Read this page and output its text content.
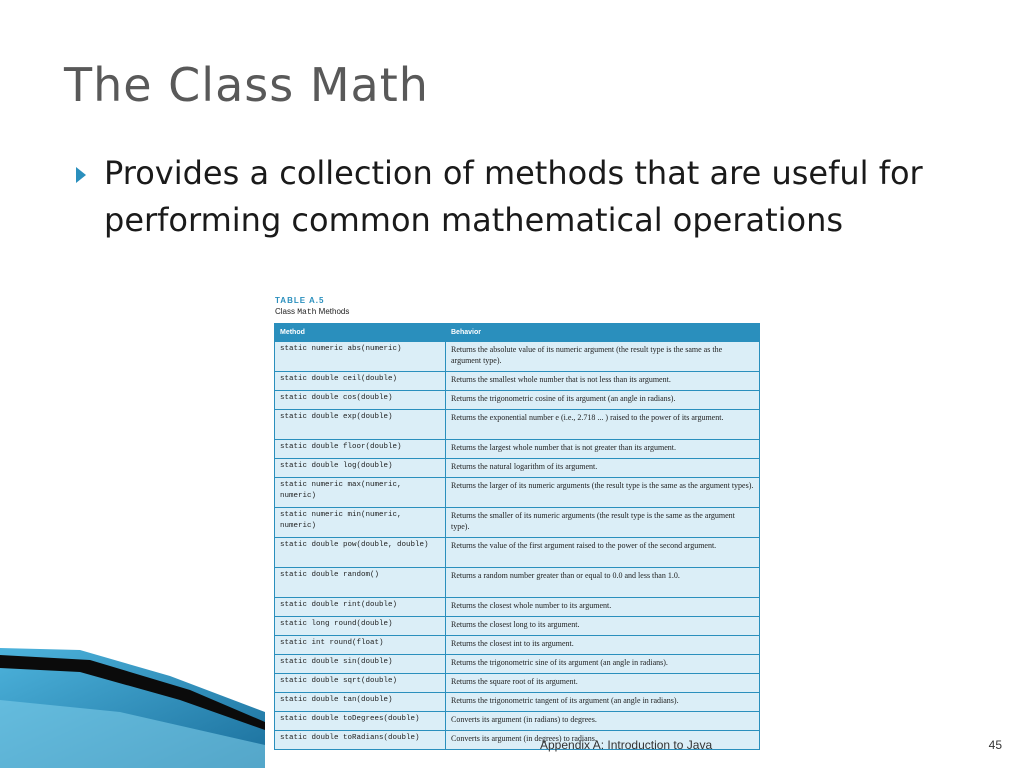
The Class Math

Provides a collection of methods that are useful for performing common mathematical operations

TABLE A.5
Class Math Methods
Method	Behavior
static numeric abs(numeric)	Returns the absolute value of its numeric argument (the result type is the same as the argument type).
static double ceil(double)	Returns the smallest whole number that is not less than its argument.
static double cos(double)	Returns the trigonometric cosine of its argument (an angle in radians).
static double exp(double)	Returns the exponential number e (i.e., 2.718 ... ) raised to the power of its argument.
static double floor(double)	Returns the largest whole number that is not greater than its argument.
static double log(double)	Returns the natural logarithm of its argument.
static numeric max(numeric, numeric)	Returns the larger of its numeric arguments (the result type is the same as the argument types).
static numeric min(numeric, numeric)	Returns the smaller of its numeric arguments (the result type is the same as the argument type).
static double pow(double, double)	Returns the value of the first argument raised to the power of the second argument.
static double random()	Returns a random number greater than or equal to 0.0 and less than 1.0.
static double rint(double)	Returns the closest whole number to its argument.
static long round(double)	Returns the closest long to its argument.
static int round(float)	Returns the closest int to its argument.
static double sin(double)	Returns the trigonometric sine of its argument (an angle in radians).
static double sqrt(double)	Returns the square root of its argument.
static double tan(double)	Returns the trigonometric tangent of its argument (an angle in radians).
static double toDegrees(double)	Converts its argument (in radians) to degrees.
static double toRadians(double)	Converts its argument (in degrees) to radians.
Appendix A: Introduction to Java	45
